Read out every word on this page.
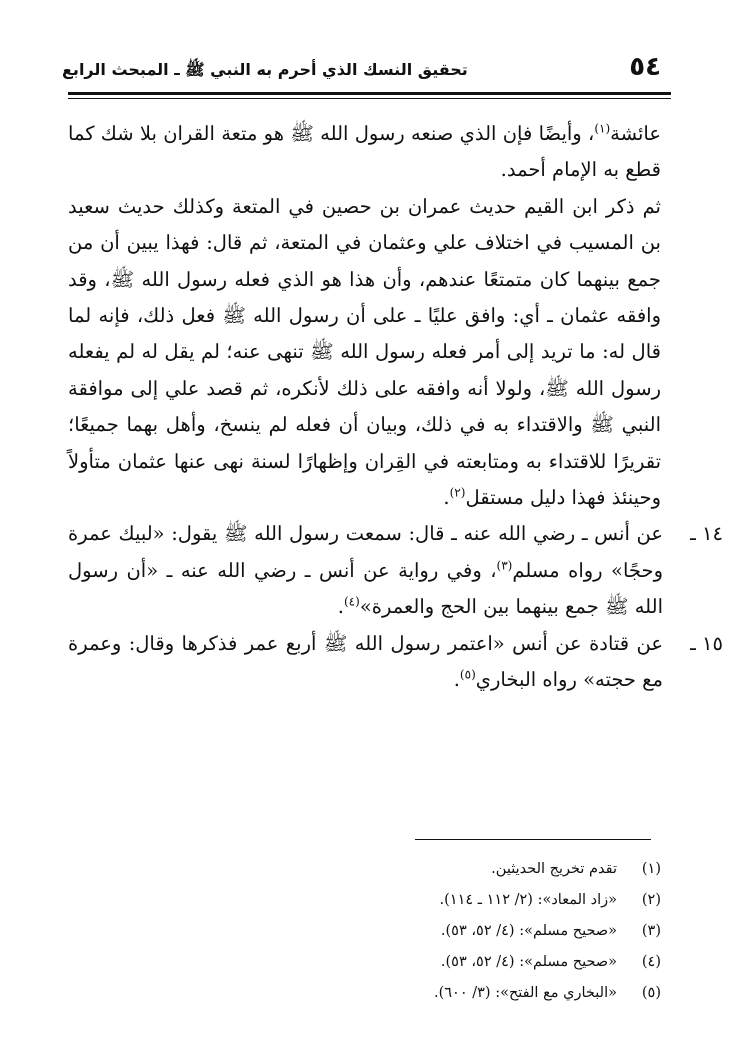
٥٤
تحقيق النسك الذي أحرم به النبي ﷺ ـ المبحث الرابع

عائشة$^{(١)}$، وأيضًا فإن الذي صنعه رسول الله ﷺ هو متعة القران بلا شك كما قطع به الإمام أحمد.

ثم ذكر ابن القيم حديث عمران بن حصين في المتعة وكذلك حديث سعيد بن المسيب في اختلاف علي وعثمان في المتعة، ثم قال: فهذا يبين أن من جمع بينهما كان متمتعًا عندهم، وأن هذا هو الذي فعله رسول الله ﷺ، وقد وافقه عثمان ـ أي: وافق عليًا ـ على أن رسول الله ﷺ فعل ذلك، فإنه لما قال له: ما تريد إلى أمر فعله رسول الله ﷺ تنهى عنه؛ لم يقل له لم يفعله رسول الله ﷺ، ولولا أنه وافقه على ذلك لأنكره، ثم قصد علي إلى موافقة النبي ﷺ والاقتداء به في ذلك، وبيان أن فعله لم ينسخ، وأهل بهما جميعًا؛ تقريرًا للاقتداء به ومتابعته في القِران وإظهارًا لسنة نهى عنها عثمان متأولاً وحينئذ فهذا دليل مستقل$^{(٢)}$.

١٤ ـ
عن أنس ـ رضي الله عنه ـ قال: سمعت رسول الله ﷺ يقول: «لبيك عمرة وحجًا» رواه مسلم$^{(٣)}$، وفي رواية عن أنس ـ رضي الله عنه ـ «أن رسول الله ﷺ جمع بينهما بين الحج والعمرة»$^{(٤)}$.
١٥ ـ
عن قتادة عن أنس «اعتمر رسول الله ﷺ أربع عمر فذكرها وقال: وعمرة مع حجته» رواه البخاري$^{(٥)}$.
(١)
تقدم تخريج الحديثين.
(٢)
«زاد المعاد»: (٢/ ١١٢ ـ ١١٤).
(٣)
«صحيح مسلم»: (٤/ ٥٢، ٥٣).
(٤)
«صحيح مسلم»: (٤/ ٥٢، ٥٣).
(٥)
«البخاري مع الفتح»: (٣/ ٦٠٠).
